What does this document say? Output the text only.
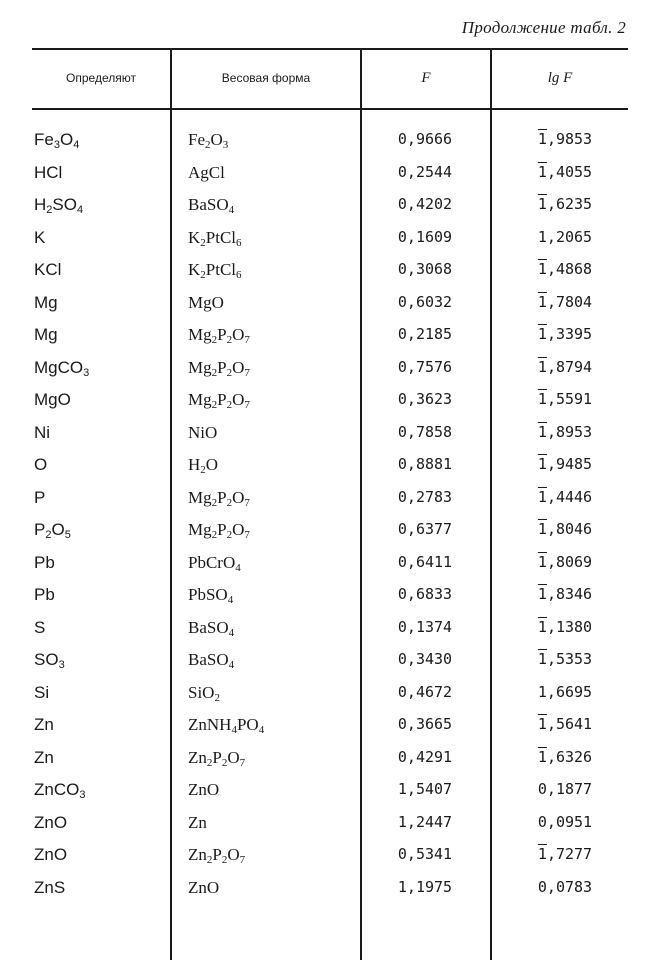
Продолжение табл. 2
Определяют	Весовая форма	F	lg F
$Fe_3O_4$	$Fe_2O_3$	0,9666	1,9853
HCl	AgCl	0,2544	1,4055
$H_2SO_4$	BaSO$_4$	0,4202	1,6235
K	$K_2PtCl_6$	0,1609	1,2065
KCl	$K_2PtCl_6$	0,3068	1,4868
Mg	MgO	0,6032	1,7804
Mg	$Mg_2P_2O_7$	0,2185	1,3395
MgCO$_3$	$Mg_2P_2O_7$	0,7576	1,8794
MgO	$Mg_2P_2O_7$	0,3623	1,5591
Ni	NiO	0,7858	1,8953
O	$H_2O$	0,8881	1,9485
P	$Mg_2P_2O_7$	0,2783	1,4446
$P_2O_5$	$Mg_2P_2O_7$	0,6377	1,8046
Pb	PbCrO$_4$	0,6411	1,8069
Pb	PbSO$_4$	0,6833	1,8346
S	BaSO$_4$	0,1374	1,1380
$SO_3$	BaSO$_4$	0,3430	1,5353
Si	SiO$_2$	0,4672	1,6695
Zn	$ZnNH_4PO_4$	0,3665	1,5641
Zn	$Zn_2P_2O_7$	0,4291	1,6326
ZnCO$_3$	ZnO	1,5407	0,1877
ZnO	Zn	1,2447	0,0951
ZnO	$Zn_2P_2O_7$	0,5341	1,7277
ZnS	ZnO	1,1975	0,0783
